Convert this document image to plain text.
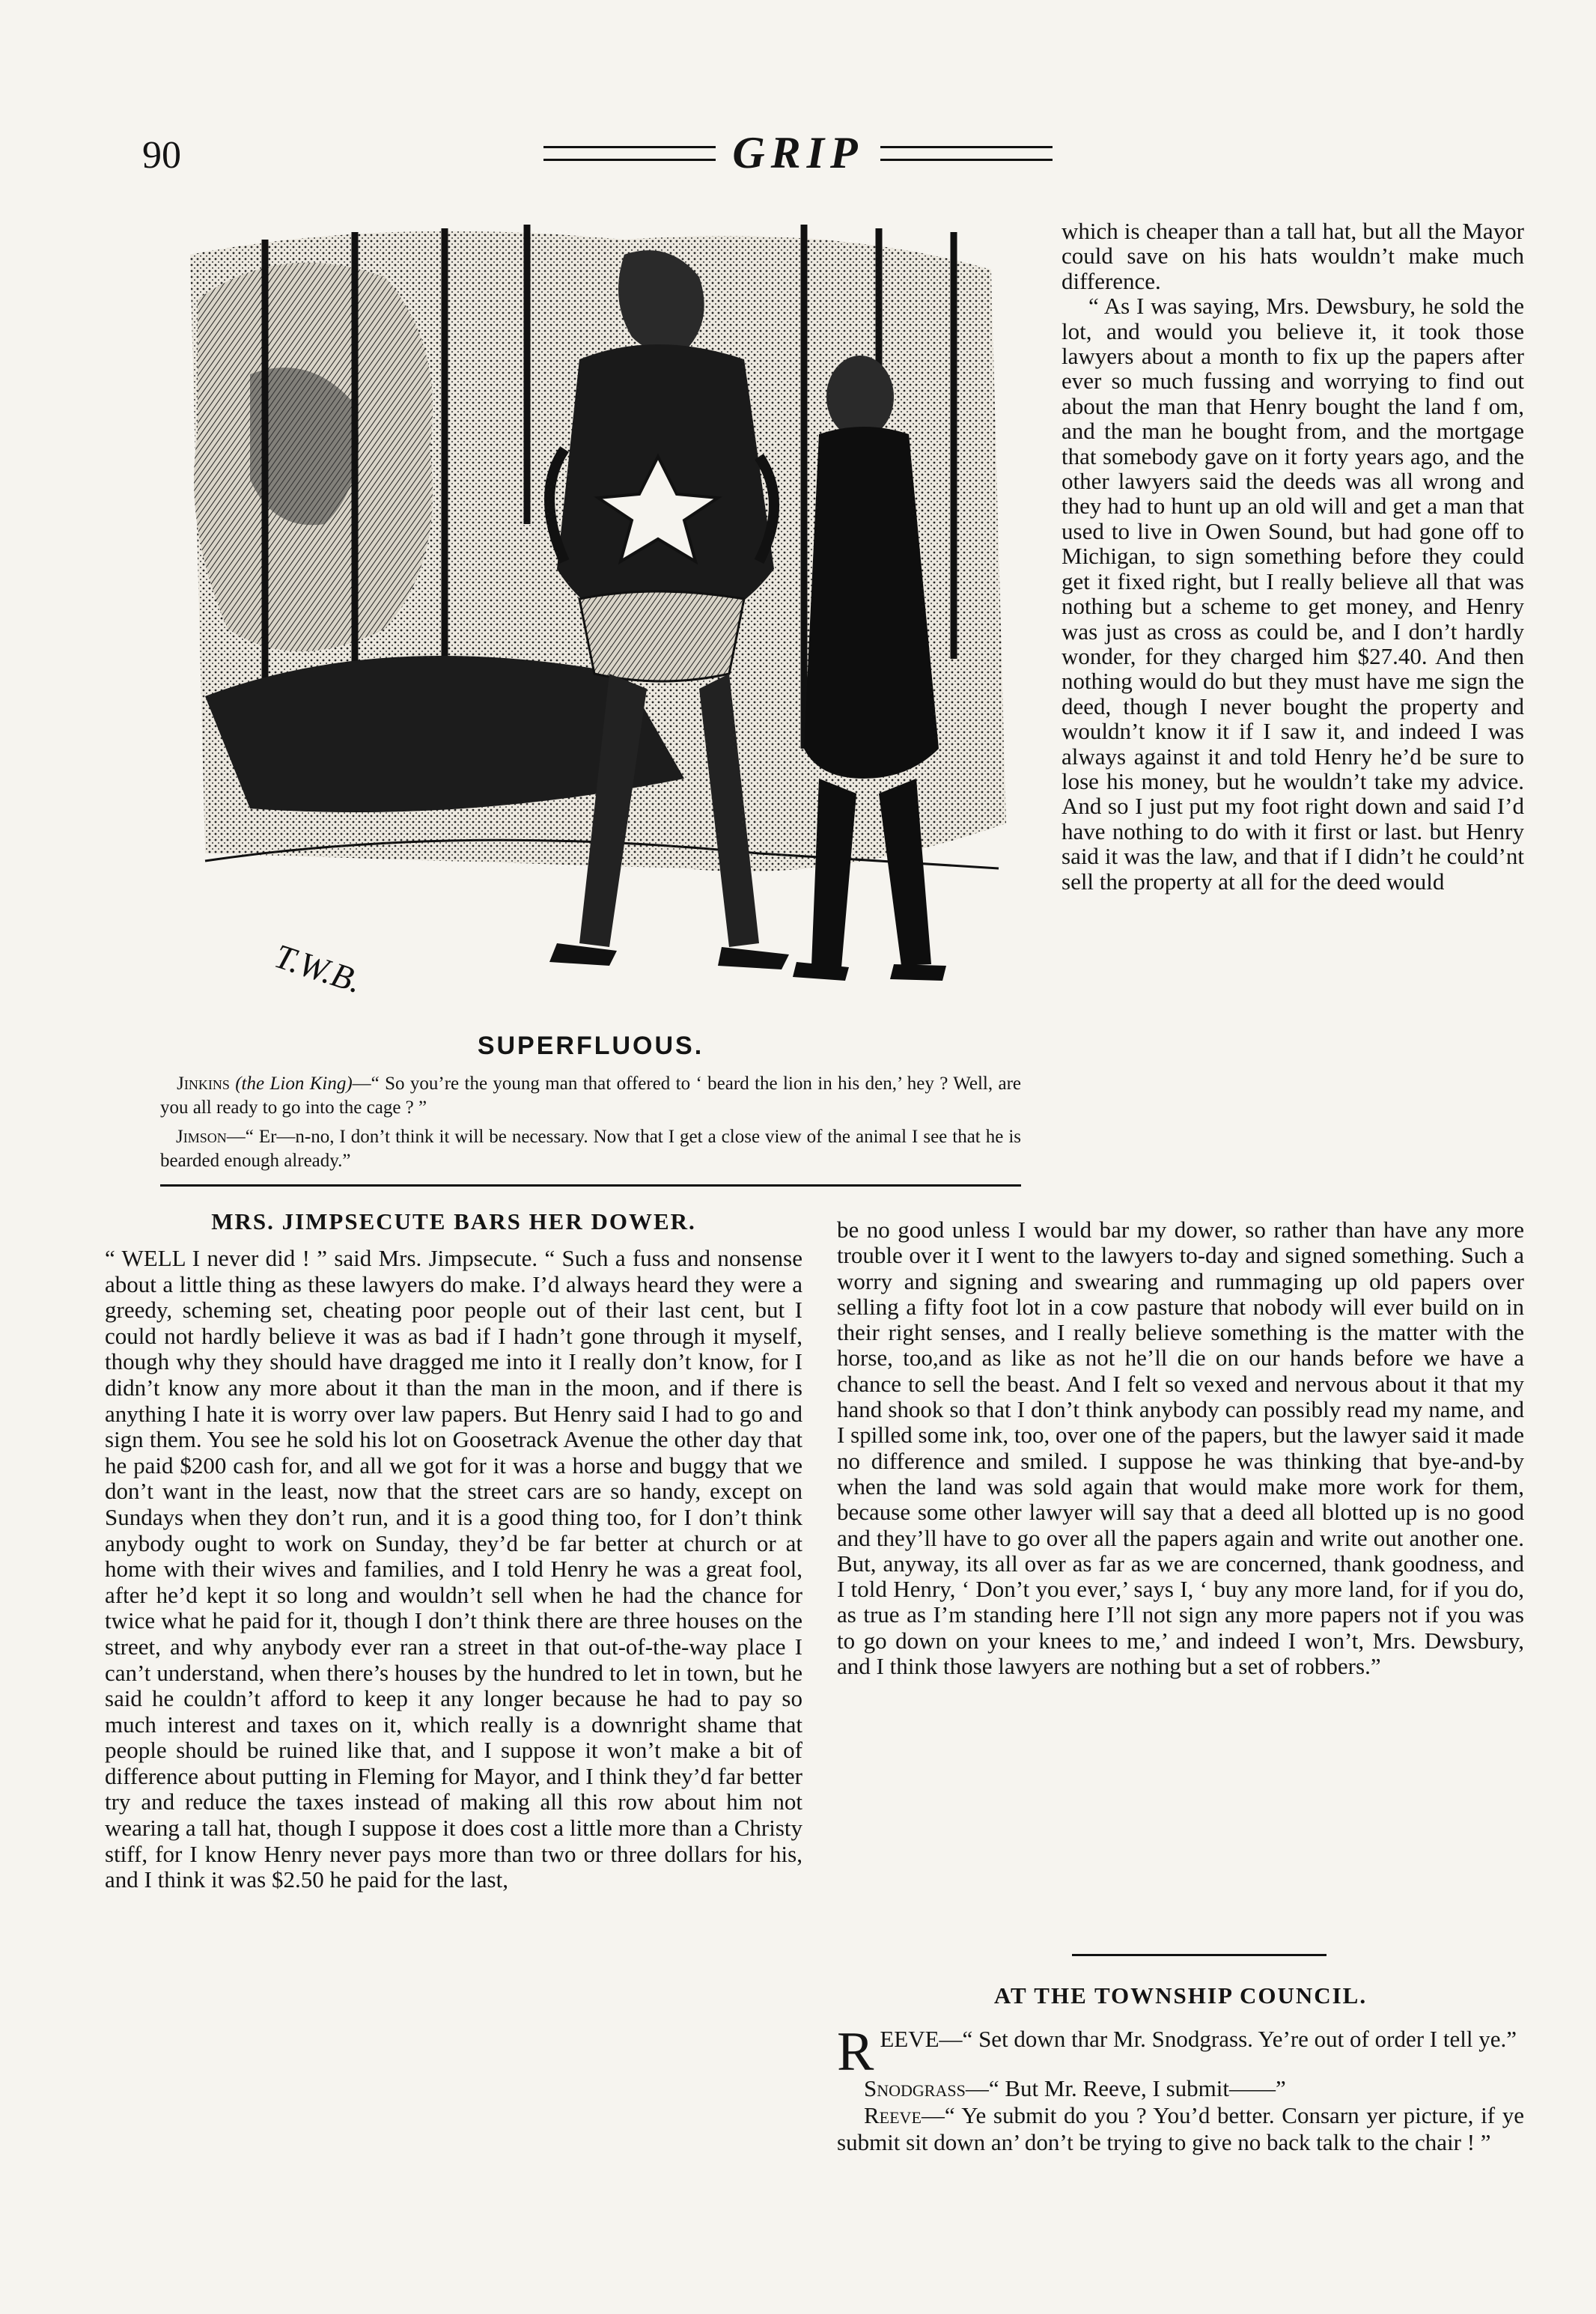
90	GRIP
T.W.B.
SUPERFLUOUS.
Jinkins (the Lion King)—“ So you’re the young man that offered to ‘ beard the lion in his den,’ hey ? Well, are you all ready to go into the cage ? ”
Jimson—“ Er—n-no, I don’t think it will be necessary. Now that I get a close view of the animal I see that he is bearded enough already.”

which is cheaper than a tall hat, but all the Mayor could save on his hats wouldn’t make much difference.

“ As I was saying, Mrs. Dewsbury, he sold the lot, and would you believe it, it took those lawyers about a month to fix up the papers after ever so much fussing and worrying to find out about the man that Henry bought the land f om, and the man he bought from, and the mortgage that somebody gave on it forty years ago, and the other lawyers said the deeds was all wrong and they had to hunt up an old will and get a man that used to live in Owen Sound, but had gone off to Michigan, to sign something before they could get it fixed right, but I really believe all that was nothing but a scheme to get money, and Henry was just as cross as could be, and I don’t hardly wonder, for they charged him $27.40. And then nothing would do but they must have me sign the deed, though I never bought the property and wouldn’t know it if I saw it, and indeed I was always against it and told Henry he’d be sure to lose his money, but he wouldn’t take my advice. And so I just put my foot right down and said I’d have nothing to do with it first or last. but Henry said it was the law, and that if I didn’t he could’nt sell the property at all for the deed would

MRS. JIMPSECUTE BARS HER DOWER.

“ WELL I never did ! ” said Mrs. Jimpsecute. “ Such a fuss and nonsense about a little thing as these lawyers do make. I’d always heard they were a greedy, scheming set, cheating poor people out of their last cent, but I could not hardly believe it was as bad if I hadn’t gone through it myself, though why they should have dragged me into it I really don’t know, for I didn’t know any more about it than the man in the moon, and if there is anything I hate it is worry over law papers. But Henry said I had to go and sign them. You see he sold his lot on Goosetrack Avenue the other day that he paid $200 cash for, and all we got for it was a horse and buggy that we don’t want in the least, now that the street cars are so handy, except on Sundays when they don’t run, and it is a good thing too, for I don’t think anybody ought to work on Sunday, they’d be far better at church or at home with their wives and families, and I told Henry he was a great fool, after he’d kept it so long and wouldn’t sell when he had the chance for twice what he paid for it, though I don’t think there are three houses on the street, and why anybody ever ran a street in that out-of-the-way place I can’t understand, when there’s houses by the hundred to let in town, but he said he couldn’t afford to keep it any longer because he had to pay so much interest and taxes on it, which really is a downright shame that people should be ruined like that, and I suppose it won’t make a bit of difference about putting in Fleming for Mayor, and I think they’d far better try and reduce the taxes instead of making all this row about him not wearing a tall hat, though I suppose it does cost a little more than a Christy stiff, for I know Henry never pays more than two or three dollars for his, and I think it was $2.50 he paid for the last,

be no good unless I would bar my dower, so rather than have any more trouble over it I went to the lawyers to-day and signed something. Such a worry and signing and swearing and rummaging up old papers over selling a fifty foot lot in a cow pasture that nobody will ever build on in their right senses, and I really believe something is the matter with the horse, too,and as like as not he’ll die on our hands before we have a chance to sell the beast. And I felt so vexed and nervous about it that my hand shook so that I don’t think anybody can possibly read my name, and I spilled some ink, too, over one of the papers, but the lawyer said it made no difference and smiled. I suppose he was thinking that bye-and-by when the land was sold again that would make more work for them, because some other lawyer will say that a deed all blotted up is no good and they’ll have to go over all the papers again and write out another one. But, anyway, its all over as far as we are concerned, thank goodness, and I told Henry, ‘ Don’t you ever,’ says I, ‘ buy any more land, for if you do, as true as I’m standing here I’ll not sign any more papers not if you was to go down on your knees to me,’ and indeed I won’t, Mrs. Dewsbury, and I think those lawyers are nothing but a set of robbers.”

AT THE TOWNSHIP COUNCIL.

REEVE—“ Set down thar Mr. Snodgrass. Ye’re out of order I tell ye.”

Snodgrass—“ But Mr. Reeve, I submit——”

Reeve—“ Ye submit do you ? You’d better. Consarn yer picture, if ye submit sit down an’ don’t be trying to give no back talk to the chair ! ”
